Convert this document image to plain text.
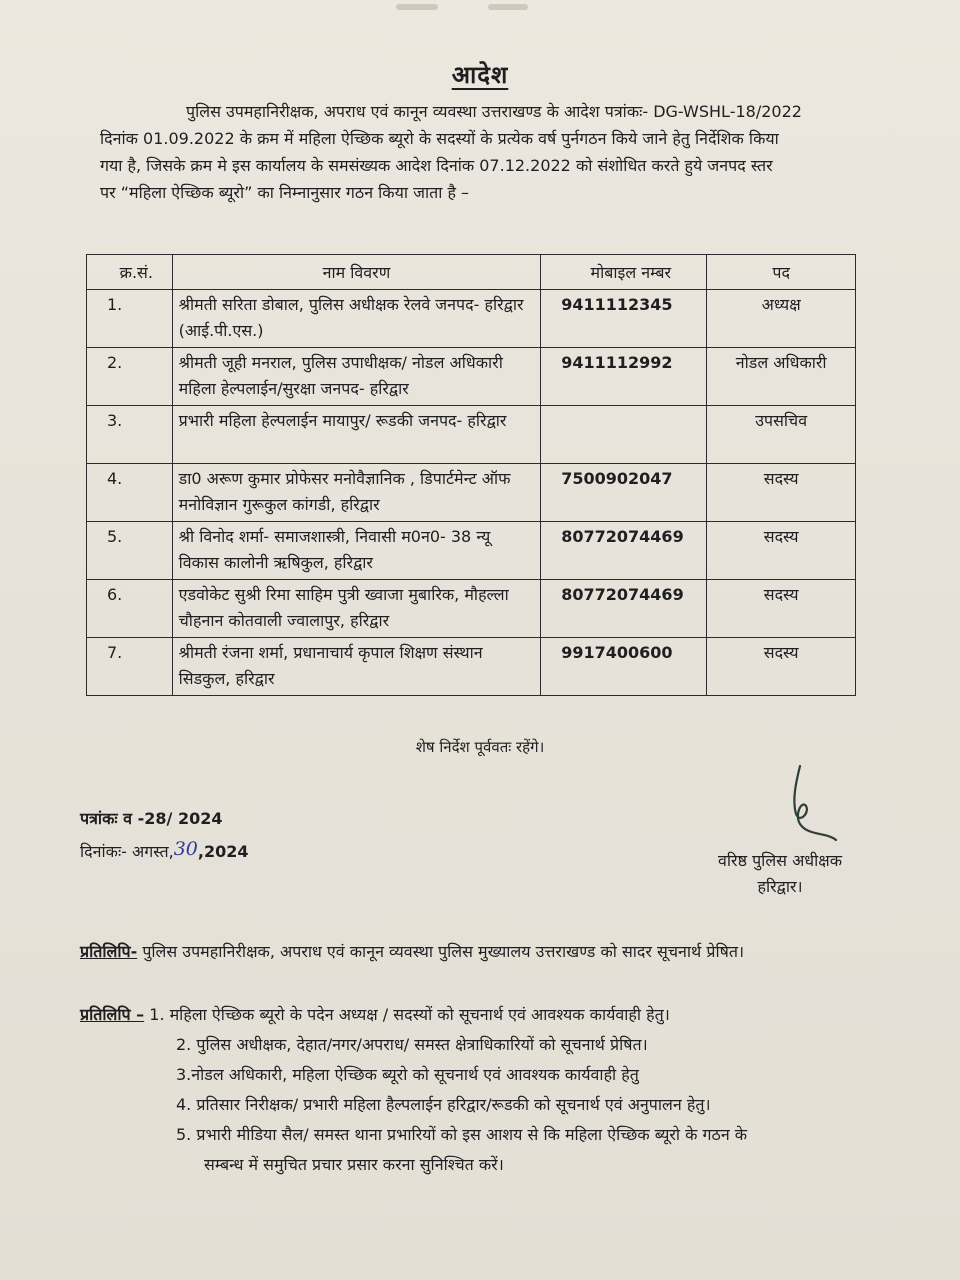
आदेश

पुलिस उपमहानिरीक्षक, अपराध एवं कानून व्यवस्था उत्तराखण्ड के आदेश पत्रांकः- DG-WSHL-18/2022

दिनांक 01.09.2022 के क्रम में महिला ऐच्छिक ब्यूरो के सदस्यों के प्रत्येक वर्ष पुर्नगठन किये जाने हेतु निर्देशिक किया

गया है, जिसके क्रम मे इस कार्यालय के समसंख्यक आदेश दिनांक 07.12.2022 को संशोधित करते हुये जनपद स्तर

पर “महिला ऐच्छिक ब्यूरो” का निम्नानुसार गठन किया जाता है –

क्र.सं.	नाम विवरण	मोबाइल नम्बर	पद
1.	श्रीमती सरिता डोबाल, पुलिस अधीक्षक रेलवे जनपद- हरिद्वार (आई.पी.एस.)	9411112345	अध्यक्ष
2.	श्रीमती जूही मनराल, पुलिस उपाधीक्षक/ नोडल अधिकारी महिला हेल्पलाईन/सुरक्षा जनपद- हरिद्वार	9411112992	नोडल अधिकारी
3.	प्रभारी महिला हेल्पलाईन मायापुर/ रूडकी जनपद- हरिद्वार		उपसचिव
4.	डा0 अरूण कुमार प्रोफेसर मनोवैज्ञानिक , डिपार्टमेन्ट ऑफ मनोविज्ञान गुरूकुल कांगडी, हरिद्वार	7500902047	सदस्य
5.	श्री विनोद शर्मा- समाजशास्त्री, निवासी म0न0- 38 न्यू विकास कालोनी ऋषिकुल, हरिद्वार	80772074469	सदस्य
6.	एडवोकेट सुश्री रिमा साहिम पुत्री ख्वाजा मुबारिक, मौहल्ला चौहनान कोतवाली ज्वालापुर, हरिद्वार	80772074469	सदस्य
7.	श्रीमती रंजना शर्मा, प्रधानाचार्य कृपाल शिक्षण संस्थान सिडकुल, हरिद्वार	9917400600	सदस्य
शेष निर्देश पूर्ववतः रहेंगे।
पत्रांकः व -28/ 2024
दिनांकः- अगस्त,30,2024	वरिष्ठ पुलिस अधीक्षक
हरिद्वार।
प्रतिलिपि- पुलिस उपमहानिरीक्षक, अपराध एवं कानून व्यवस्था पुलिस मुख्यालय उत्तराखण्ड को सादर सूचनार्थ प्रेषित।
प्रतिलिपि – 1. महिला ऐच्छिक ब्यूरो के पदेन अध्यक्ष / सदस्यों को सूचनार्थ एवं आवश्यक कार्यवाही हेतु।
2. पुलिस अधीक्षक, देहात/नगर/अपराध/ समस्त क्षेत्राधिकारियों को सूचनार्थ प्रेषित।
3.नोडल अधिकारी, महिला ऐच्छिक ब्यूरो को सूचनार्थ एवं आवश्यक कार्यवाही हेतु
4. प्रतिसार निरीक्षक/ प्रभारी महिला हैल्पलाईन हरिद्वार/रूडकी को सूचनार्थ एवं अनुपालन हेतु।
5. प्रभारी मीडिया सैल/ समस्त थाना प्रभारियों को इस आशय से कि महिला ऐच्छिक ब्यूरो के गठन के
सम्बन्ध में समुचित प्रचार प्रसार करना सुनिश्चित करें।
